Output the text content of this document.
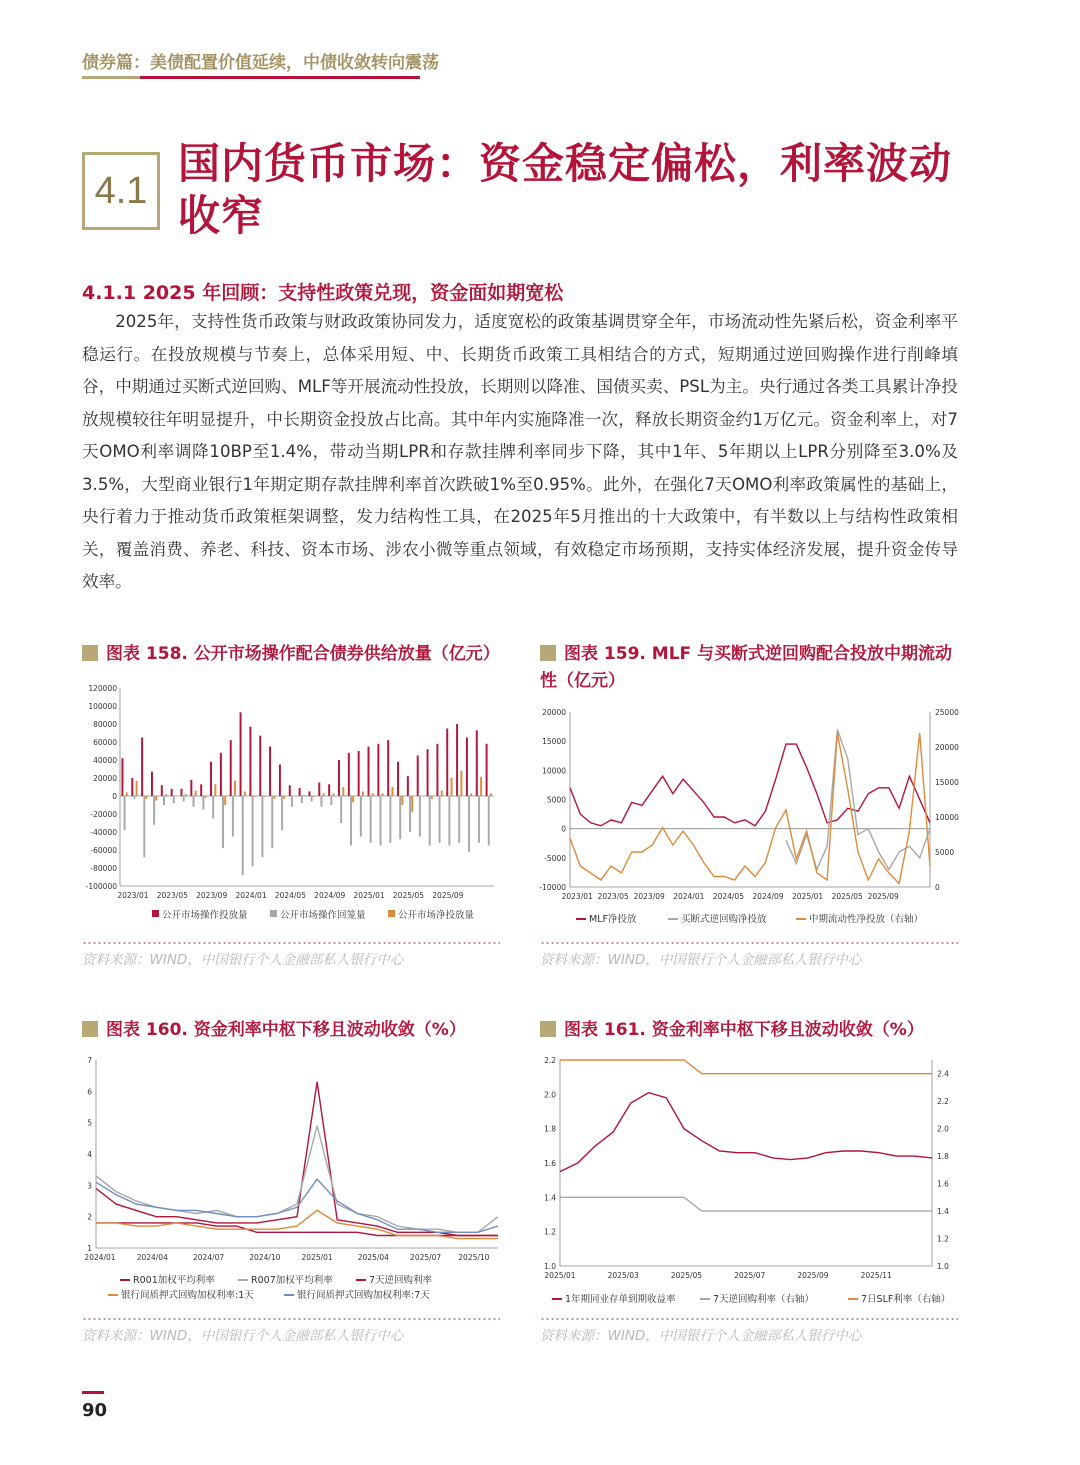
债券篇：美债配置价值延续，中债收敛转向震荡
4.1
国内货币市场：资金稳定偏松，利率波动收窄
4.1.1 2025 年回顾：支持性政策兑现，资金面如期宽松
2025年，支持性货币政策与财政政策协同发力，适度宽松的政策基调贯穿全年，市场流动性先紧后松，资金利率平稳运行。在投放规模与节奏上，总体采用短、中、长期货币政策工具相结合的方式，短期通过逆回购操作进行削峰填谷，中期通过买断式逆回购、MLF等开展流动性投放，长期则以降准、国债买卖、PSL为主。央行通过各类工具累计净投放规模较往年明显提升，中长期资金投放占比高。其中年内实施降准一次，释放长期资金约1万亿元。资金利率上，对7天OMO利率调降10BP至1.4%，带动当期LPR和存款挂牌利率同步下降，其中1年、5年期以上LPR分别降至3.0%及3.5%，大型商业银行1年期定期存款挂牌利率首次跌破1%至0.95%。此外，在强化7天OMO利率政策属性的基础上，央行着力于推动货币政策框架调整，发力结构性工具，在2025年5月推出的十大政策中，有半数以上与结构性政策相关，覆盖消费、养老、科技、资本市场、涉农小微等重点领域，有效稳定市场预期，支持实体经济发展，提升资金传导效率。
图表 158. 公开市场操作配合债券供给放量（亿元）
120000
100000
80000
60000
40000
20000
0
-20000
-40000
-60000
-80000
-100000
2023/01 2023/05 2023/09 2024/01 2024/05 2024/09 2025/01 2025/05 2025/09
公开市场操作投放量	公开市场操作回笼量	公开市场净投放量
资料来源：WIND，中国银行个人金融部私人银行中心
图表 159. MLF 与买断式逆回购配合投放中期流动性（亿元）
20000
15000
10000
5000
0
-5000
-10000
25000
20000
15000
10000
5000
0
2023/01 2023/05 2023/09 2024/01 2024/05 2024/09 2025/01 2025/05 2025/09
MLF净投放	买断式逆回购净投放	中期流动性净投放（右轴）
资料来源：WIND，中国银行个人金融部私人银行中心
图表 160. 资金利率中枢下移且波动收敛（%）
7
6
5
4
3
2
1
2024/01	2024/04	2024/07	2024/10	2025/01	2025/04	2025/07 2025/10
R001加权平均利率	R007加权平均利率	7天逆回购利率
银行间质押式回购加权利率:1天	银行间质押式回购加权利率:7天
资料来源：WIND，中国银行个人金融部私人银行中心
图表 161. 资金利率中枢下移且波动收敛（%）
2.2
2.0
1.8
1.6
1.4
1.2
1.0
2.4
2.2
2.0
1.8
1.6
1.4
1.2
1.0
2025/01	2025/03	2025/05	2025/07	2025/09	2025/11
1年期同业存单到期收益率	7天逆回购利率（右轴）	7日SLF利率（右轴）
资料来源：WIND，中国银行个人金融部私人银行中心
90
